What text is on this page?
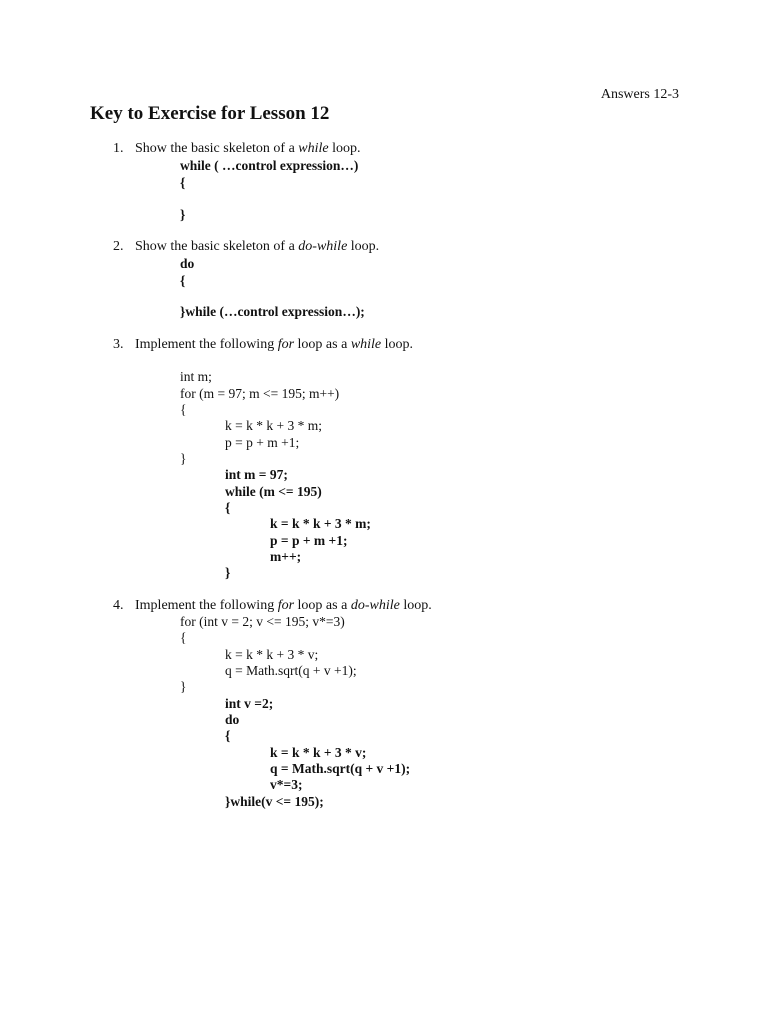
Answers 12-3
Key to Exercise for Lesson 12
1. Show the basic skeleton of a while loop.
while ( …control expression…)
{
}
2. Show the basic skeleton of a do-while loop.
do
{
}while (…control expression…);
3. Implement the following for loop as a while loop.
int m;
for (m = 97; m <= 195; m++)
{
k = k * k + 3 * m;
p = p + m +1;
}
int m = 97;
while (m <= 195)
{
k = k * k + 3 * m;
p = p + m +1;
m++;
}
4. Implement the following for loop as a do-while loop.
for (int v = 2; v <= 195; v*=3)
{
k = k * k + 3 * v;
q = Math.sqrt(q + v +1);
}
int v =2;
do
{
k = k * k + 3 * v;
q = Math.sqrt(q + v +1);
v*=3;
}while(v <= 195);
